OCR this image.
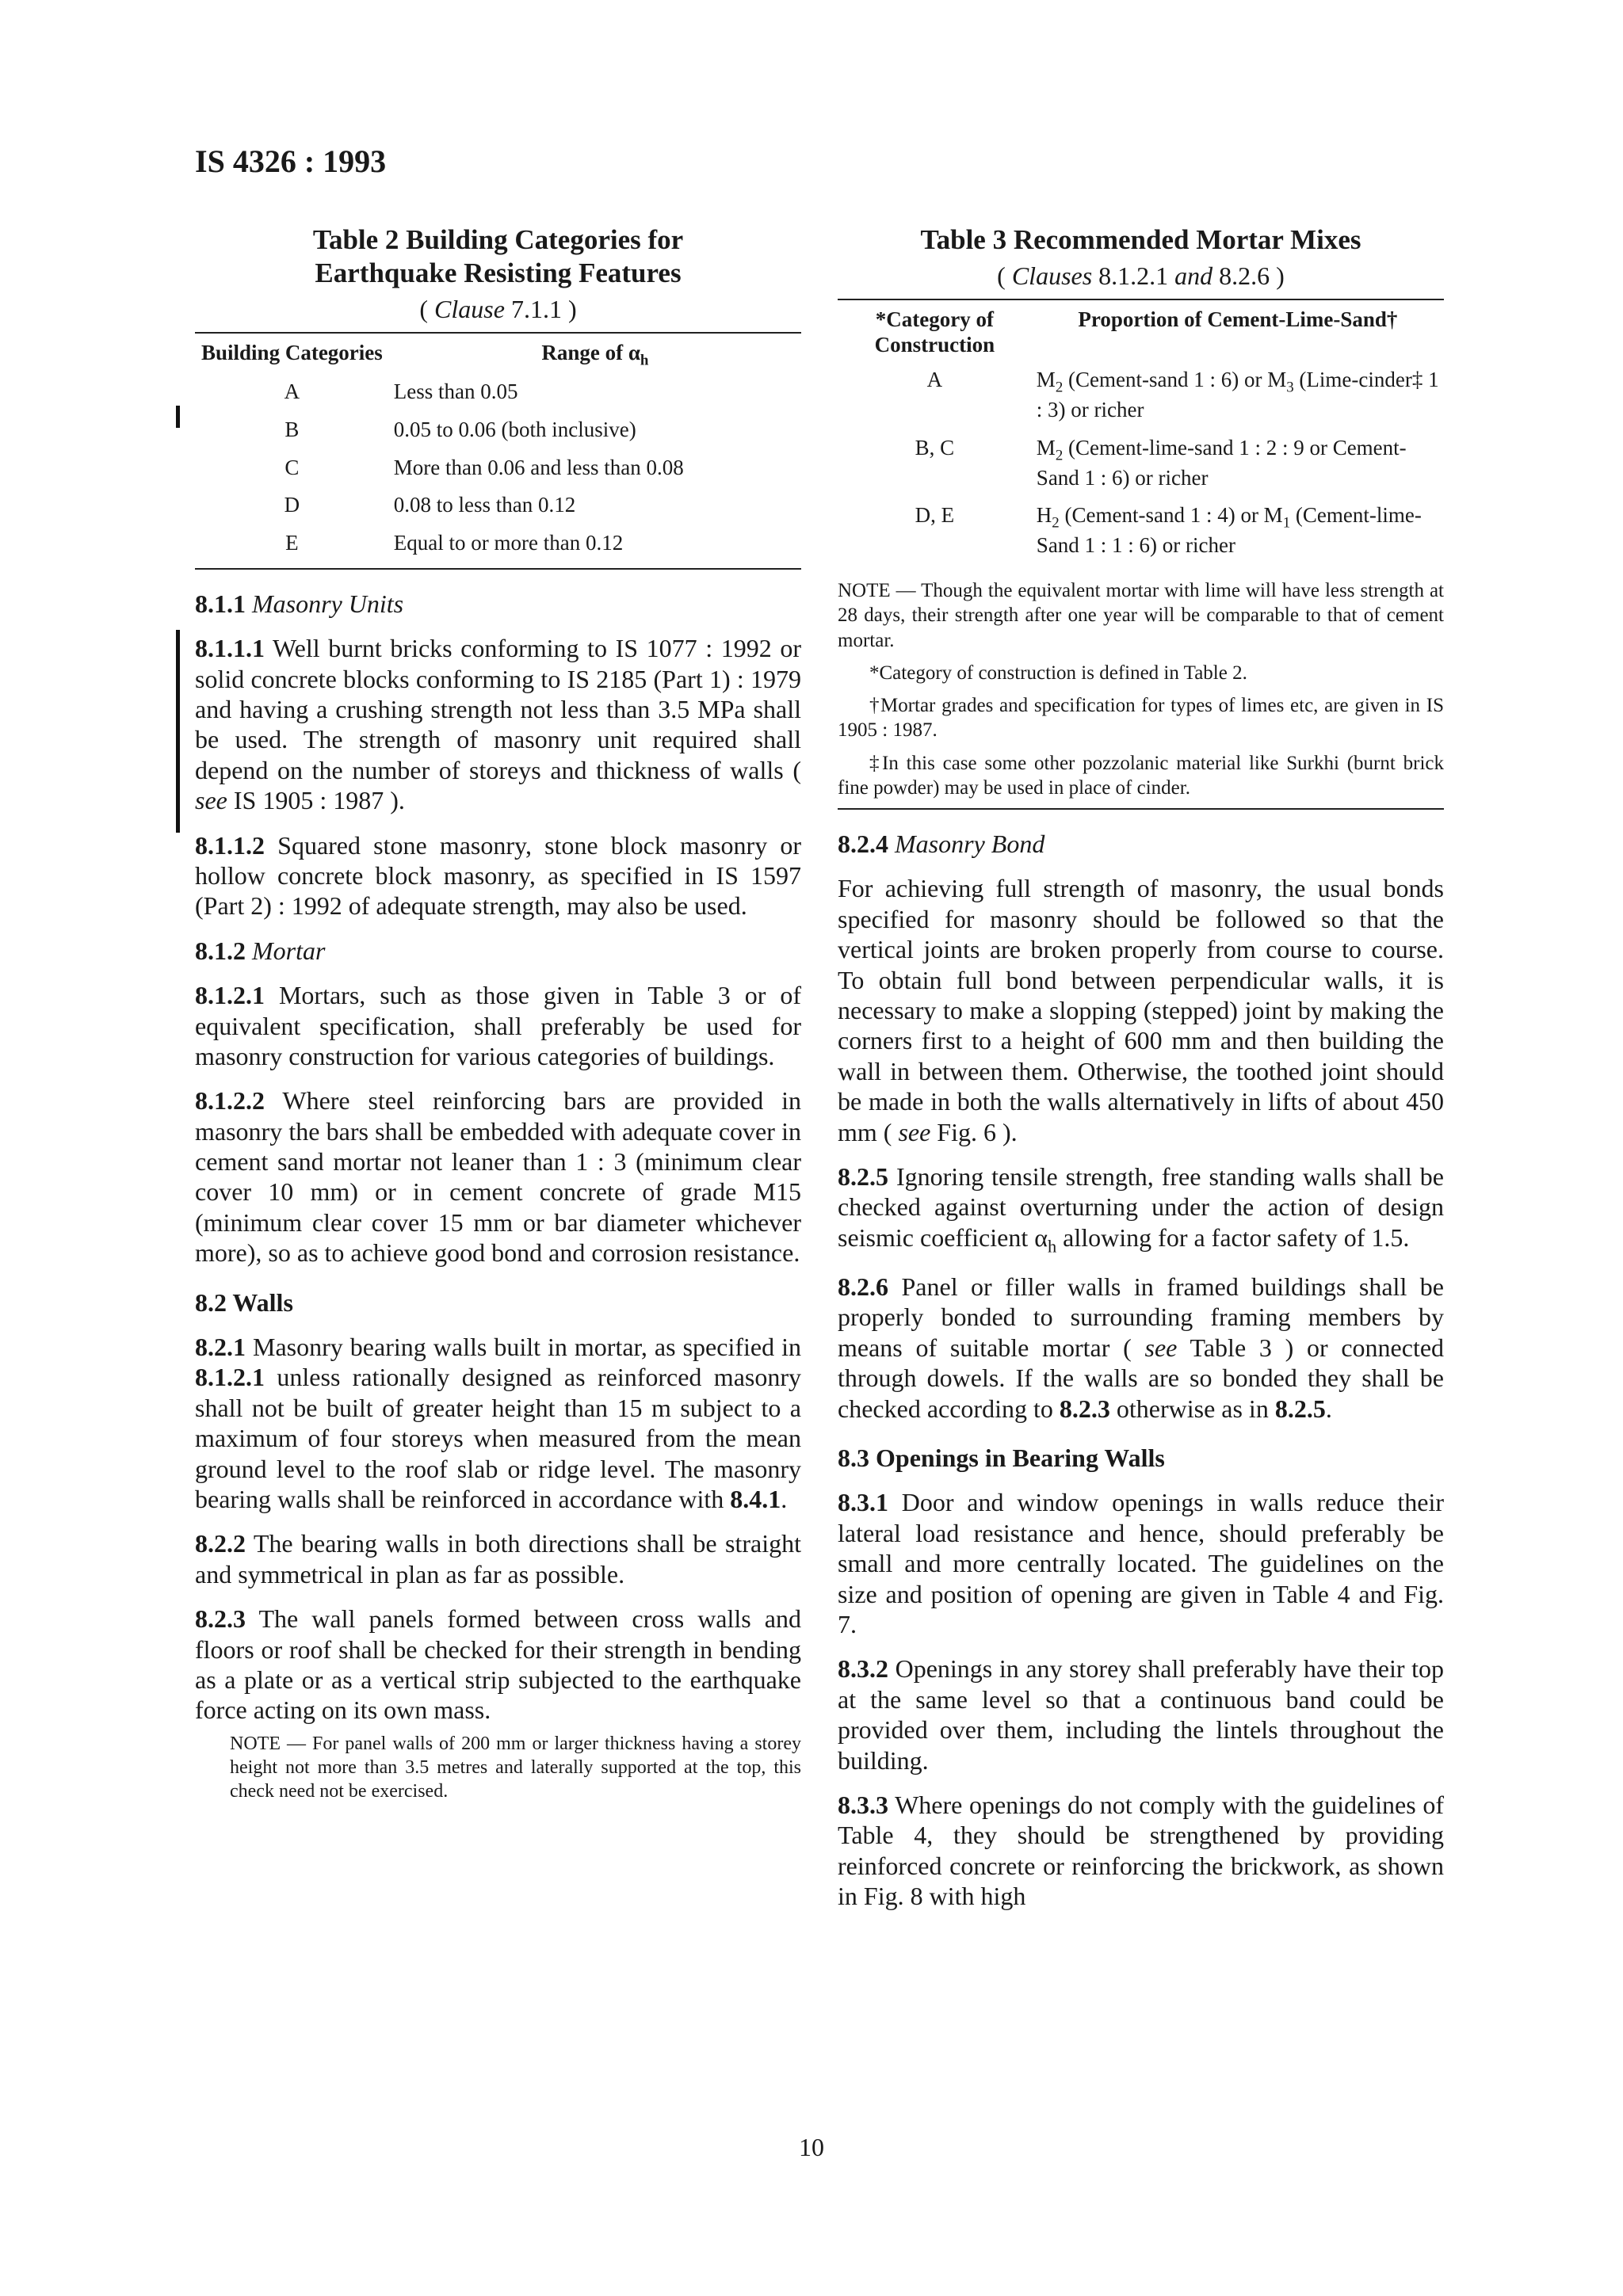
IS 4326 : 1993
Table 2 Building Categories for
Earthquake Resisting Features
( Clause 7.1.1 )
Building Categories	Range of $\alpha_h$
A	Less than 0.05
B	0.05 to 0.06 (both inclusive)
C	More than 0.06 and less than 0.08
D	0.08 to less than 0.12
E	Equal to or more than 0.12

8.1.1 Masonry Units

8.1.1.1 Well burnt bricks conforming to IS 1077 : 1992 or solid concrete blocks conforming to IS 2185 (Part 1) : 1979 and having a crushing strength not less than 3.5 MPa shall be used. The strength of masonry unit required shall depend on the number of storeys and thickness of walls ( see IS 1905 : 1987 ).

8.1.1.2 Squared stone masonry, stone block masonry or hollow concrete block masonry, as specified in IS 1597 (Part 2) : 1992 of adequate strength, may also be used.

8.1.2 Mortar

8.1.2.1 Mortars, such as those given in Table 3 or of equivalent specification, shall preferably be used for masonry construction for various categories of buildings.

8.1.2.2 Where steel reinforcing bars are provided in masonry the bars shall be embedded with adequate cover in cement sand mortar not leaner than 1 : 3 (minimum clear cover 10 mm) or in cement concrete of grade M15 (minimum clear cover 15 mm or bar diameter whichever more), so as to achieve good bond and corrosion resistance.

8.2 Walls

8.2.1 Masonry bearing walls built in mortar, as specified in 8.1.2.1 unless rationally designed as reinforced masonry shall not be built of greater height than 15 m subject to a maximum of four storeys when measured from the mean ground level to the roof slab or ridge level. The masonry bearing walls shall be reinforced in accordance with 8.4.1.

8.2.2 The bearing walls in both directions shall be straight and symmetrical in plan as far as possible.

8.2.3 The wall panels formed between cross walls and floors or roof shall be checked for their strength in bending as a plate or as a vertical strip subjected to the earthquake force acting on its own mass.

NOTE — For panel walls of 200 mm or larger thickness having a storey height not more than 3.5 metres and laterally supported at the top, this check need not be exercised.

Table 3 Recommended Mortar Mixes
( Clauses 8.1.2.1 and 8.2.6 )
*Category of Construction	Proportion of Cement-Lime-Sand†
A	$M_2$ (Cement-sand 1 : 6) or $M_3$ (Lime-cinder‡ 1 : 3) or richer
B, C	$M_2$ (Cement-lime-sand 1 : 2 : 9 or Cement-Sand 1 : 6) or richer
D, E	$H_2$ (Cement-sand 1 : 4) or $M_1$ (Cement-lime-Sand 1 : 1 : 6) or richer

NOTE — Though the equivalent mortar with lime will have less strength at 28 days, their strength after one year will be comparable to that of cement mortar.

*Category of construction is defined in Table 2.

†Mortar grades and specification for types of limes etc, are given in IS 1905 : 1987.

‡In this case some other pozzolanic material like Surkhi (burnt brick fine powder) may be used in place of cinder.

8.2.4 Masonry Bond

For achieving full strength of masonry, the usual bonds specified for masonry should be followed so that the vertical joints are broken properly from course to course. To obtain full bond between perpendicular walls, it is necessary to make a slopping (stepped) joint by making the corners first to a height of 600 mm and then building the wall in between them. Otherwise, the toothed joint should be made in both the walls alternatively in lifts of about 450 mm ( see Fig. 6 ).

8.2.5 Ignoring tensile strength, free standing walls shall be checked against overturning under the action of design seismic coefficient $\alpha_h$ allowing for a factor safety of 1.5.

8.2.6 Panel or filler walls in framed buildings shall be properly bonded to surrounding framing members by means of suitable mortar ( see Table 3 ) or connected through dowels. If the walls are so bonded they shall be checked according to 8.2.3 otherwise as in 8.2.5.

8.3 Openings in Bearing Walls

8.3.1 Door and window openings in walls reduce their lateral load resistance and hence, should preferably be small and more centrally located. The guidelines on the size and position of opening are given in Table 4 and Fig. 7.

8.3.2 Openings in any storey shall preferably have their top at the same level so that a continuous band could be provided over them, including the lintels throughout the building.

8.3.3 Where openings do not comply with the guidelines of Table 4, they should be strengthened by providing reinforced concrete or reinforcing the brickwork, as shown in Fig. 8 with high

10
